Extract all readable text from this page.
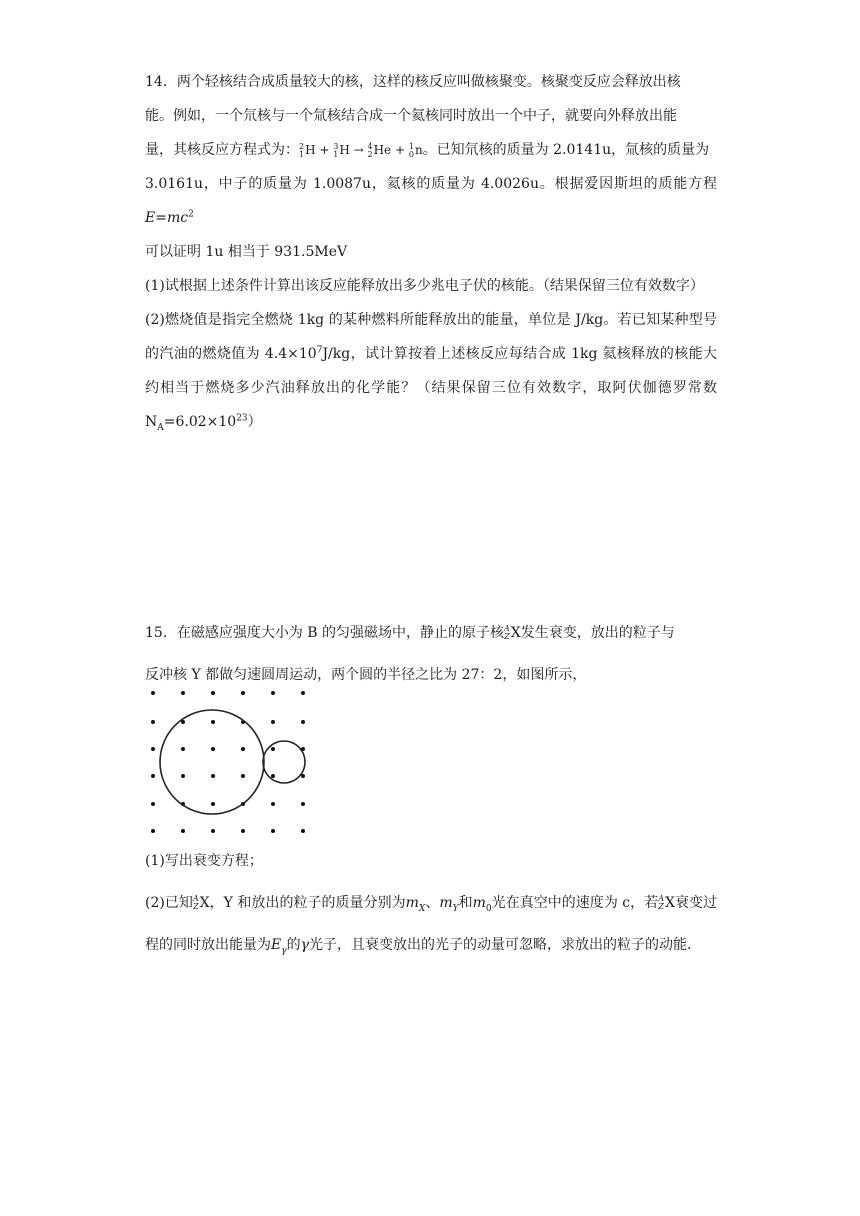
14．两个轻核结合成质量较大的核，这样的核反应叫做核聚变。核聚变反应会释放出核
能。例如，一个氘核与一个氚核结合成一个氦核同时放出一个中子，就要向外释放出能
量，其核反应方程式为： 2
1 H + 3
1 H → 4
2 He + 1
0 n。已知氘核的质量为 2.0141u，氚核的质量为
3.0161u，中子的质量为 1.0087u，氦核的质量为 4.0026u。根据爱因斯坦的质能方程 $E=mc^2$
可以证明 1u 相当于 931.5MeV
(1)试根据上述条件计算出该反应能释放出多少兆电子伏的核能。（结果保留三位有效数字）
(2)燃烧值是指完全燃烧 1kg 的某种燃料所能释放出的能量，单位是 J/kg。若已知某种型号的汽油的燃烧值为 $4.4\times 10^7J/kg$，试计算按着上述核反应每结合成 1kg 氦核释放的核能大约相当于燃烧多少汽油释放出的化学能？（结果保留三位有效数字，取阿伏伽德罗常数 $N_A=6.02\times 10^{23}$）
15．在磁感应强度大小为 B 的匀强磁场中，静止的原子核 A
Z X发生衰变，放出的粒子与
反冲核 Y 都做匀速圆周运动，两个圆的半径之比为 27：2，如图所示，
(1)写出衰变方程；
(2)已知 A
Z X，Y 和放出的粒子的质量分别为$m_X$、$m_Y$和$m_0$光在真空中的速度为 c，若 A
Z X衰变过程的同时放出能量为$E_\gamma$的γ光子，且衰变放出的光子的动量可忽略，求放出的粒子的动能．
